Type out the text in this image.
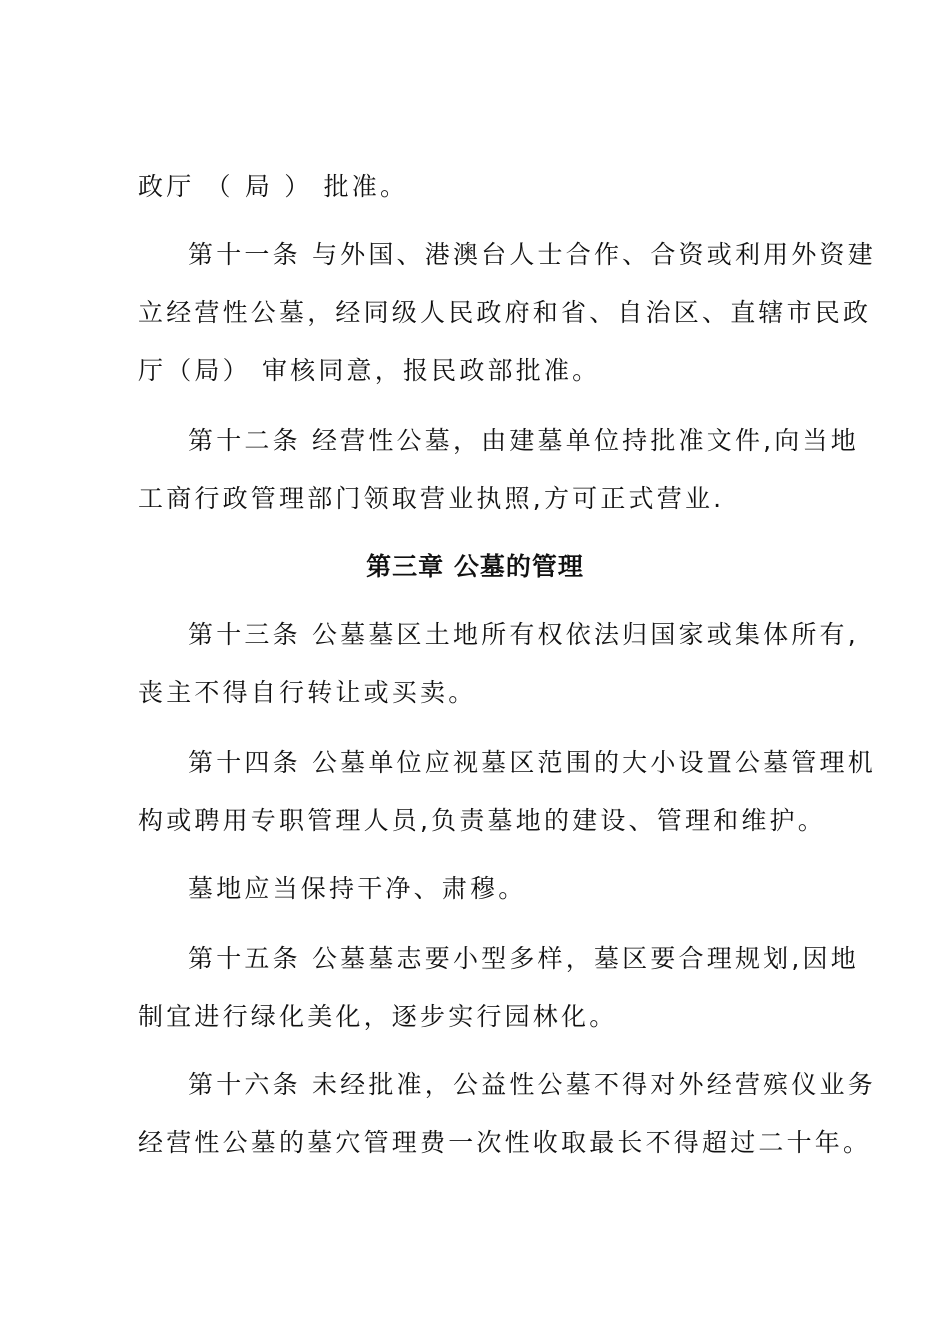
政厅 （ 局 ） 批准。
第十一条 与外国、港澳台人士合作、合资或利用外资建
立经营性公墓，经同级人民政府和省、自治区、直辖市民政
厅（局） 审核同意，报民政部批准。
第十二条 经营性公墓，由建墓单位持批准文件,向当地
工商行政管理部门领取营业执照,方可正式营业.
第三章 公墓的管理
第十三条 公墓墓区土地所有权依法归国家或集体所有,
丧主不得自行转让或买卖。
第十四条 公墓单位应视墓区范围的大小设置公墓管理机
构或聘用专职管理人员,负责墓地的建设、管理和维护。
墓地应当保持干净、肃穆。
第十五条 公墓墓志要小型多样，墓区要合理规划,因地
制宜进行绿化美化，逐步实行园林化。
第十六条 未经批准，公益性公墓不得对外经营殡仪业务
经营性公墓的墓穴管理费一次性收取最长不得超过二十年。
